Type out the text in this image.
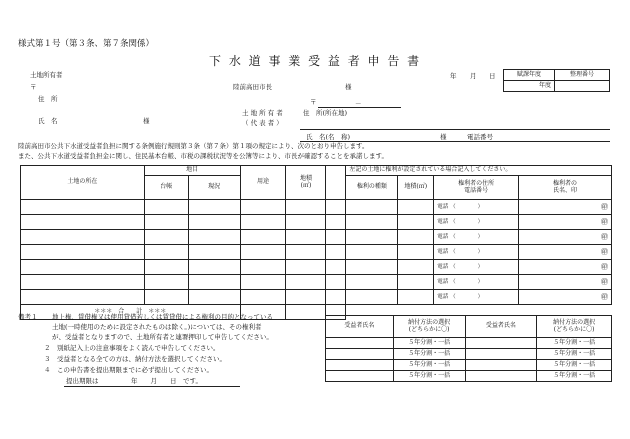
様式第１号（第３条、第７条関係）
下 水 道 事 業 受 益 者 申 告 書
土地所有者
〒
住　所
氏　名	様
陸前高田市長	様
年 月 日	賦課年度	整理番号
年度	
〒	－
土 地 所 有 者	住　所(所在地)
（ 代 表 者 ）
氏　名(名　称)	様	電話番号
陸前高田市公共下水道受益者負担に関する条例施行規則第３条（第７条）第１項の規定により、次のとおり申告します。
また、公共下水道受益者負担金に関し、住民基本台帳、市税の課税状況等を公簿等により、市長が確認することを承諾します。
土地の所在	地目		用途	地積
(㎡)		左記の土地に権利が設定されている場合記入してください。			
	台帳	現況				権利の種類	地積(㎡)	権利者の住所
電話番号	権利者の
氏名、印
								電話 （　　　　）	㊞
								電話 （　　　　）	㊞
								電話 （　　　　）	㊞
								電話 （　　　　）	㊞
								電話 （　　　　）	㊞
								電話 （　　　　）	㊞
								電話 （　　　　）	㊞
＊＊＊　合　　計　＊＊＊									
備考１ 地上権、賃借権又は使用貸借若しくは賃貸借による権利の目的となっている
土地(一時使用のために設定されたものは除く。)については、その権利者
が、受益者となりますので、土地所有者と連署押印して申告してください。
２　別紙記入上の注意事項をよく読んで申告してください。
３　受益者となる全ての方は、納付方法を選択してください。
４　この申告書を提出期限までに必ず提出してください。
提出期限は　　　　　年　　月　　日　です。
受益者氏名	納付方法の選択
(どちらかに〇)	受益者氏名	納付方法の選択
(どちらかに〇)
	５年分割・一括		５年分割・一括
	５年分割・一括		５年分割・一括
	５年分割・一括		５年分割・一括
	５年分割・一括		５年分割・一括
